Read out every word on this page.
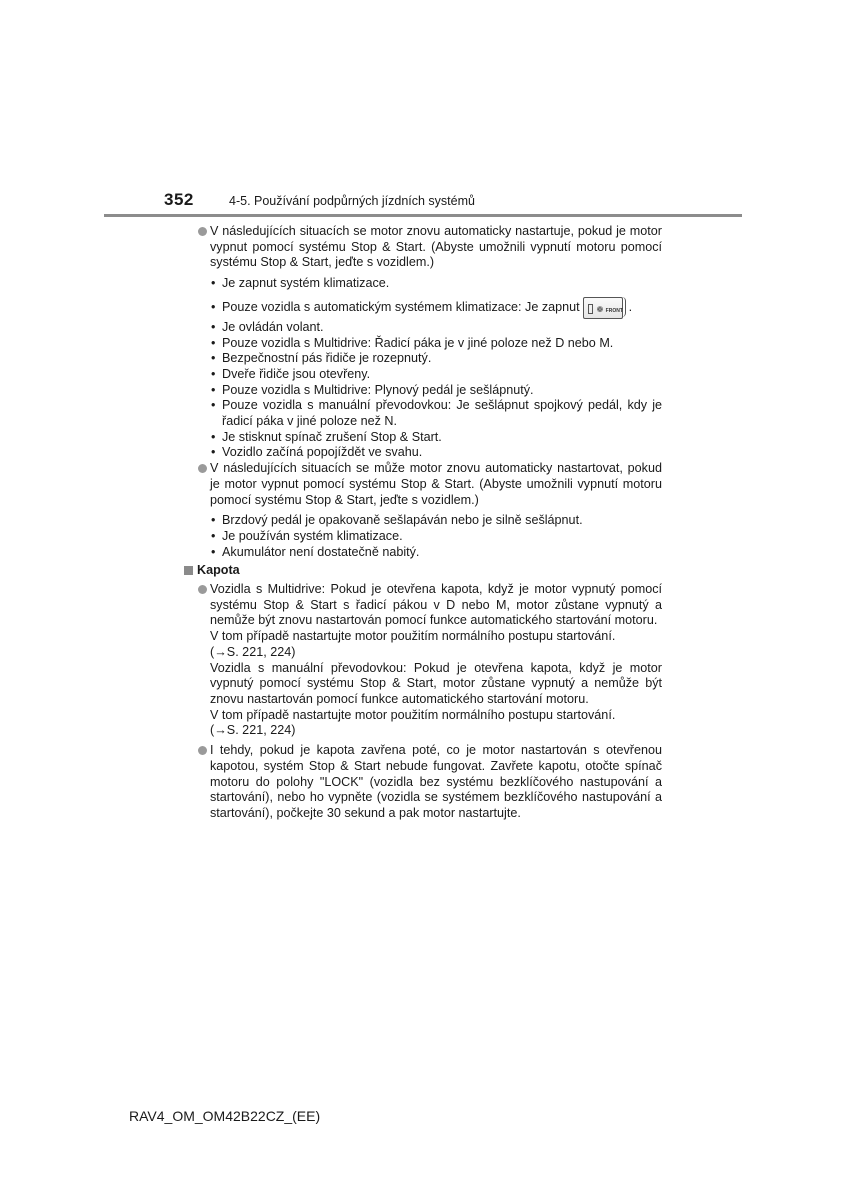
352	4-5. Používání podpůrných jízdních systémů
V následujících situacích se motor znovu automaticky nastartuje, pokud je motor vypnut pomocí systému Stop & Start. (Abyste umožnili vypnutí motoru pomocí systému Stop & Start, jeďte s vozidlem.)
• Je zapnut systém klimatizace.
• Pouze vozidla s automatickým systémem klimatizace: Je zapnut ❁ FRONT .
• Je ovládán volant.
• Pouze vozidla s Multidrive: Řadicí páka je v jiné poloze než D nebo M.
• Bezpečnostní pás řidiče je rozepnutý.
• Dveře řidiče jsou otevřeny.
• Pouze vozidla s Multidrive: Plynový pedál je sešlápnutý.
• Pouze vozidla s manuální převodovkou: Je sešlápnut spojkový pedál, kdy je řadicí páka v jiné poloze než N.
• Je stisknut spínač zrušení Stop & Start.
• Vozidlo začíná popojíždět ve svahu.
V následujících situacích se může motor znovu automaticky nastartovat, pokud je motor vypnut pomocí systému Stop & Start. (Abyste umožnili vypnutí motoru pomocí systému Stop & Start, jeďte s vozidlem.)
• Brzdový pedál je opakovaně sešlapáván nebo je silně sešlápnut.
• Je používán systém klimatizace.
• Akumulátor není dostatečně nabitý.
Kapota
Vozidla s Multidrive: Pokud je otevřena kapota, když je motor vypnutý pomocí systému Stop & Start s řadicí pákou v D nebo M, motor zůstane vypnutý a nemůže být znovu nastartován pomocí funkce automatického startování motoru.
V tom případě nastartujte motor použitím normálního postupu startování.
(→S. 221, 224)
Vozidla s manuální převodovkou: Pokud je otevřena kapota, když je motor vypnutý pomocí systému Stop & Start, motor zůstane vypnutý a nemůže být znovu nastartován pomocí funkce automatického startování motoru.
V tom případě nastartujte motor použitím normálního postupu startování.
(→S. 221, 224)
I tehdy, pokud je kapota zavřena poté, co je motor nastartován s otevřenou kapotou, systém Stop & Start nebude fungovat. Zavřete kapotu, otočte spínač motoru do polohy "LOCK" (vozidla bez systému bezklíčového nastupování a startování), nebo ho vypněte (vozidla se systémem bezklíčového nastupování a startování), počkejte 30 sekund a pak motor nastartujte.
RAV4_OM_OM42B22CZ_(EE)
